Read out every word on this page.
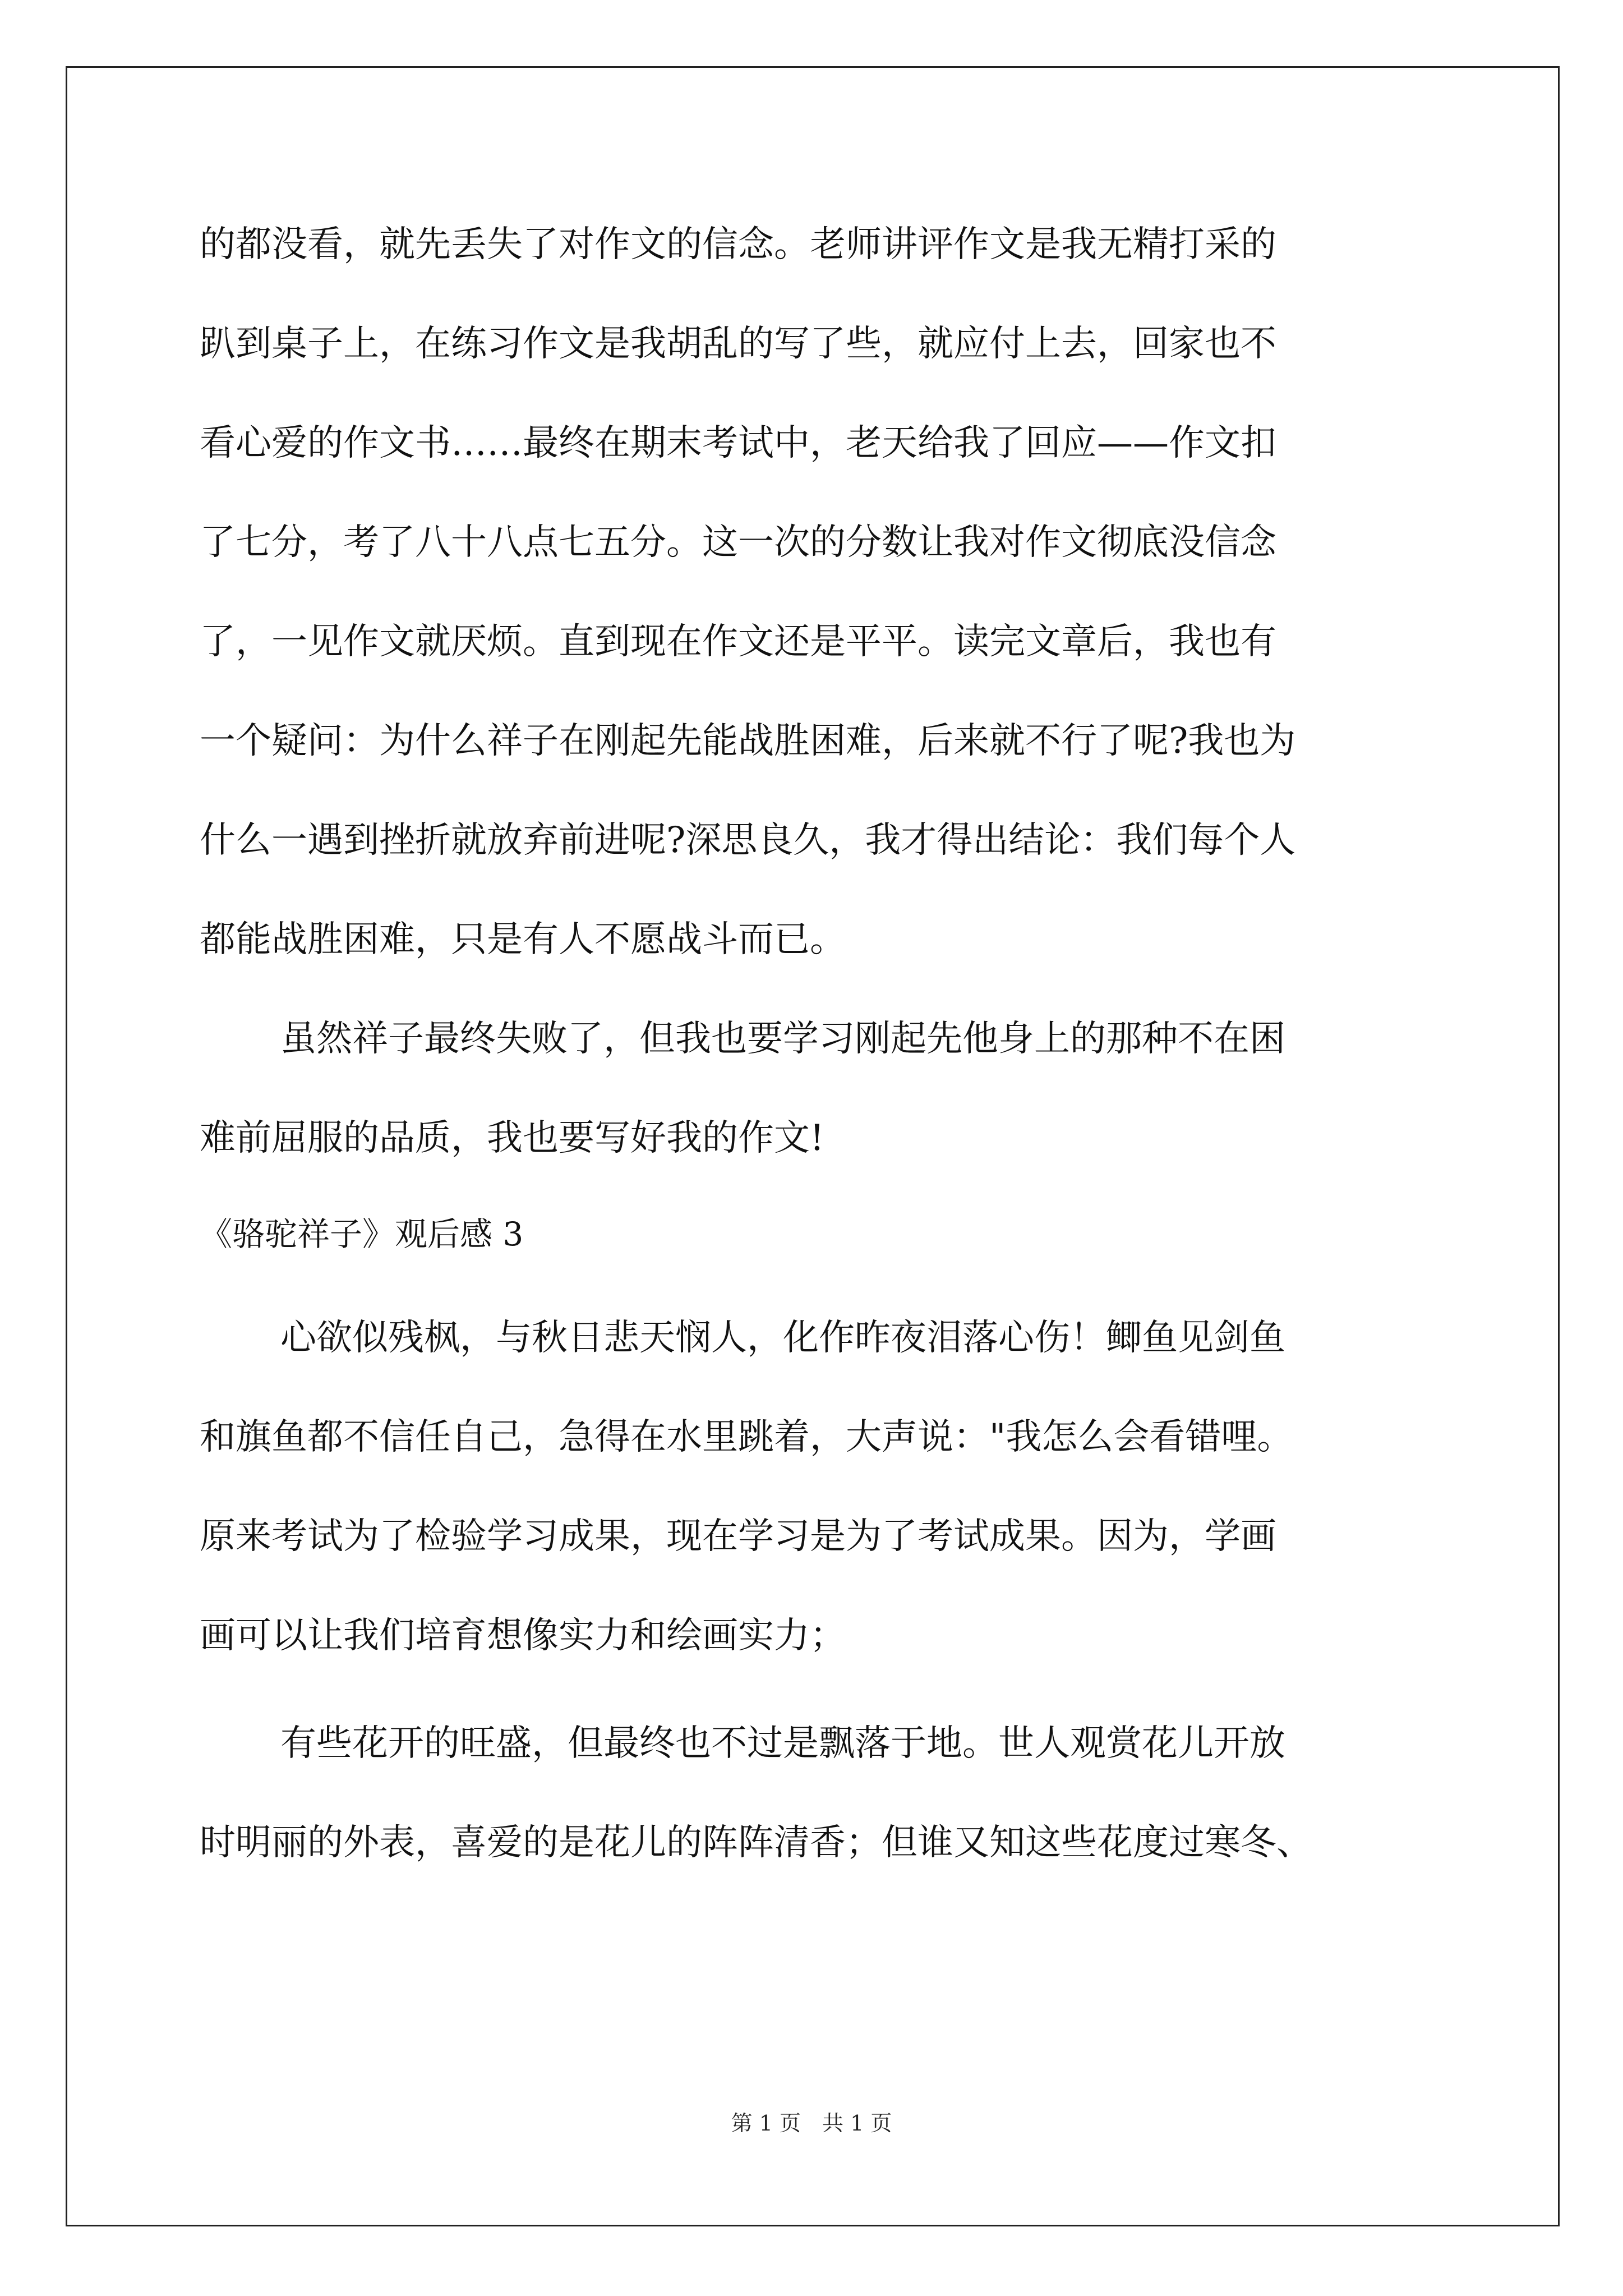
的都没看，就先丢失了对作文的信念。老师讲评作文是我无精打采的
趴到桌子上，在练习作文是我胡乱的写了些，就应付上去，回家也不
看心爱的作文书……最终在期末考试中，老天给我了回应——作文扣
了七分，考了八十八点七五分。这一次的分数让我对作文彻底没信念
了，一见作文就厌烦。直到现在作文还是平平。读完文章后，我也有
一个疑问：为什么祥子在刚起先能战胜困难，后来就不行了呢?我也为
什么一遇到挫折就放弃前进呢?深思良久，我才得出结论：我们每个人
都能战胜困难，只是有人不愿战斗而已。
虽然祥子最终失败了，但我也要学习刚起先他身上的那种不在困
难前屈服的品质，我也要写好我的作文!
《骆驼祥子》观后感 3
心欲似残枫，与秋日悲天悯人，化作昨夜泪落心伤！鲫鱼见剑鱼
和旗鱼都不信任自己，急得在水里跳着，大声说："我怎么会看错哩。
原来考试为了检验学习成果，现在学习是为了考试成果。因为，学画
画可以让我们培育想像实力和绘画实力；
有些花开的旺盛，但最终也不过是飘落于地。世人观赏花儿开放
时明丽的外表，喜爱的是花儿的阵阵清香；但谁又知这些花度过寒冬、
第 1 页　共 1 页
